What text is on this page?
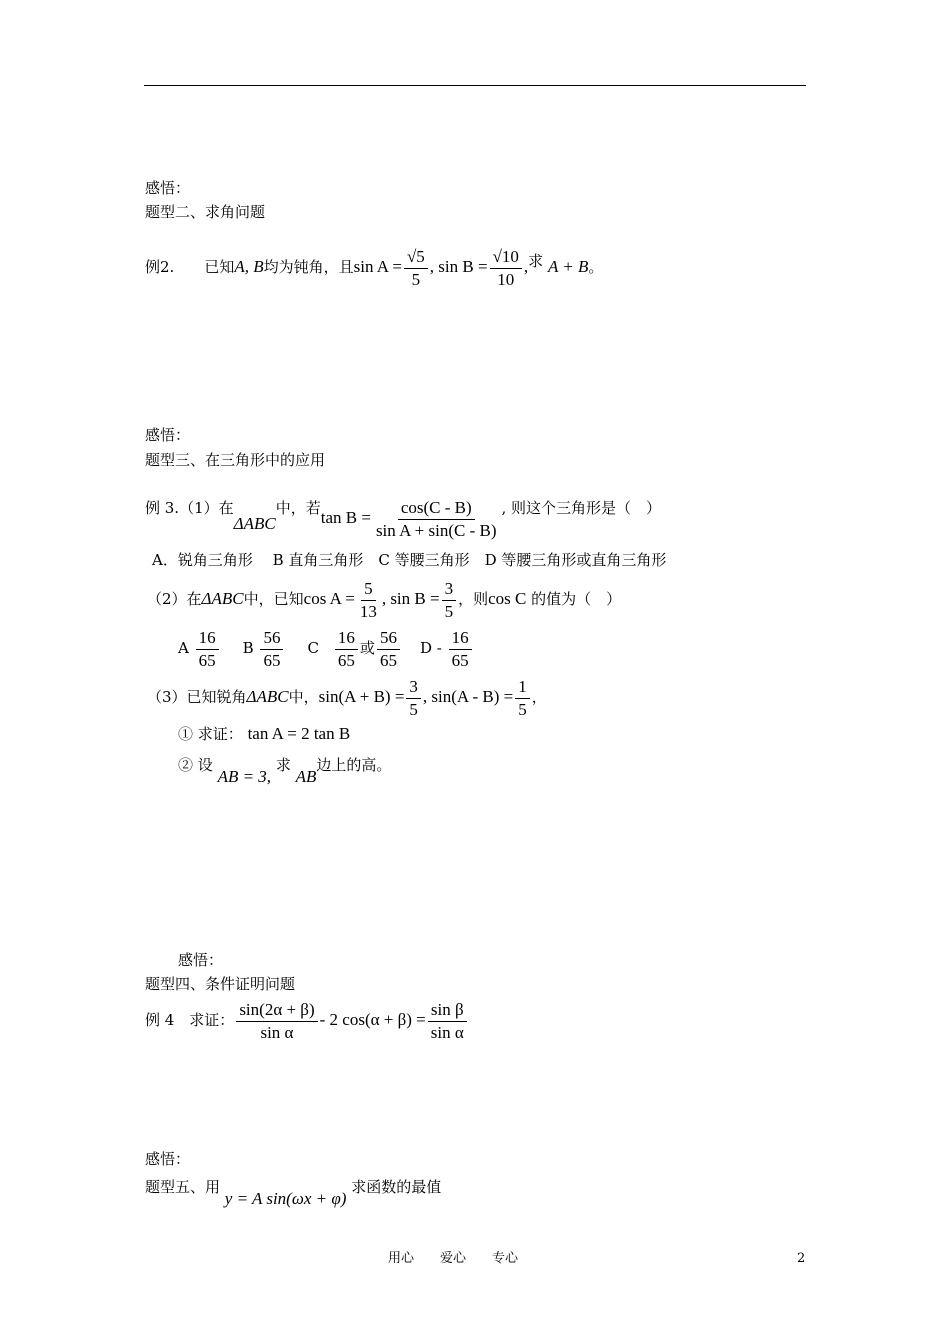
感悟：
题型二、求角问题
例2. 已知A, B均为钝角，且$\sin A = \frac{√5}{5}$ , $\sin B = \frac{√10}{10}$ ,求 A + B。
感悟：
题型三、在三角形中的应用
例 3.（1）在ΔABC中，若$\tan B = \frac{\cos(C - B)}{\text{sin A + sin(C - B)}}$ , 则这个三角形是（　）
A．锐角三角形　 B 直角三角形　C 等腰三角形　D 等腰三角形或直角三角形
（2）在ΔABC中，已知$\cos A = \frac{5}{13}$ , $\sin B = \frac{3}{5}$ ，则cos C 的值为（　）
A $\frac{16}{65}$ B $\frac{56}{65}$ C $\frac{16}{65}$ 或 $\frac{56}{65}$ D - $\frac{16}{65}$
（3）已知锐角ΔABC中，$\sin(A + B) = \frac{3}{5}$ , $\sin(A - B) = \frac{1}{5}$ ，
① 求证： tan A = 2 tan B
② 设 AB = 3, 求 AB边上的高。
感悟：
题型四、条件证明问题
例 4　求证： $\frac{\sin(2\alpha + \beta)}{\text{sin α}} - 2$ $\cos(\alpha + \beta) = \frac{\text{sin β}}{\text{sin α}}$
感悟：
题型五、用 y = A sin(ωx + φ) 求函数的最值
用心　　爱心　　专心	2
